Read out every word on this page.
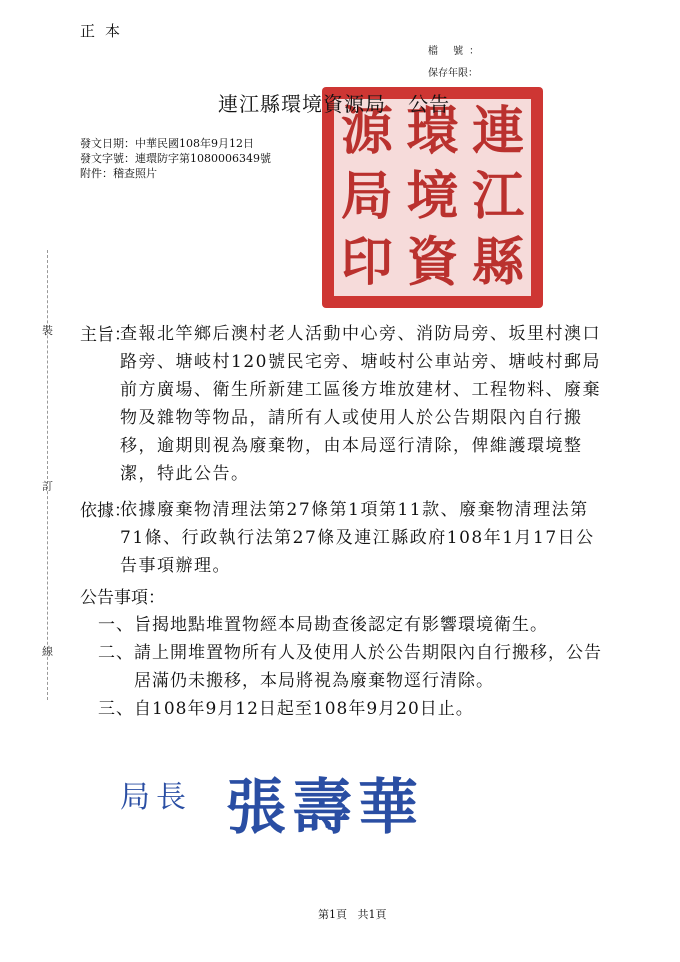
正本
檔 號：
保存年限：
連
江
縣
環
境
資
源
局
印
連江縣環境資源局   公告
發文日期：中華民國108年9月12日
發文字號：連環防字第1080006349號
附件：稽查照片
裝
訂
線
主旨：
查報北竿鄉后澳村老人活動中心旁、消防局旁、坂里村澳口路旁、塘岐村120號民宅旁、塘岐村公車站旁、塘岐村郵局前方廣場、衛生所新建工區後方堆放建材、工程物料、廢棄物及雜物等物品，請所有人或使用人於公告期限內自行搬移，逾期則視為廢棄物，由本局逕行清除，俾維護環境整潔，特此公告。
依據：
依據廢棄物清理法第27條第1項第11款、廢棄物清理法第71條、行政執行法第27條及連江縣政府108年1月17日公告事項辦理。
公告事項：
一、旨揭地點堆置物經本局勘查後認定有影響環境衛生。
二、請上開堆置物所有人及使用人於公告期限內自行搬移，公告居滿仍未搬移，本局將視為廢棄物逕行清除。
三、自108年9月12日起至108年9月20日止。
局長 張壽華
第1頁   共1頁
